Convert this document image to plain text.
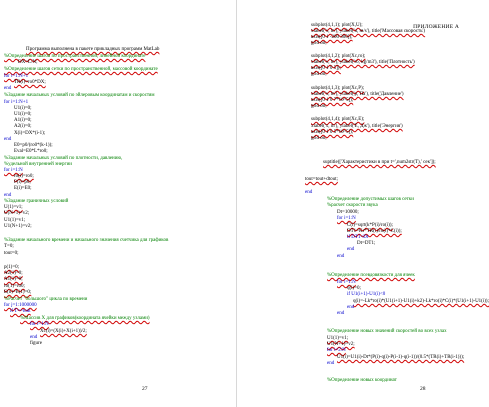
Программа выполнена в пакете прикладных программ MatLab
%Определение шагов по пространственной, линейной координате
DX=L/N;
%Определение шагов сетки по пространственной, массовой координате
for i=1:N+1
TR(i)=ro0*DX;
end
%Задание начальных условий по эйлеровым координатам и скоростям
for i=1:N+1
U1(i)=0;
U1(i)=0;
A1(i)=0;
A2(i)=0;
X(i)=DX*(i-1);
end
E0=p0/(ro0*(k-1));
Eval=E0*L*ro0;
%Задание начальных условий по плотности, давлению,
%удельной внутренней энергии
for i=1:N
ro(i)=ro0;
P(i)=p0;
E(i)=E0;
end
%Задание граничных условий
U(1)=v1;
U(N+1)=v2;
U1(1)=v1;
U1(N+1)=v2;
%Задание начального времени и начального значения счетчика для графиков
T=0;
tout=0;
p(1)=0;
A2(1)=0;
A1(1)=0;
ro(1)=ro0;
E(n)=E(1)=0;
%Расчет "большого" цикла по времени
for j=1:1000000
if T==tout
%Массив X для графиков(координата ячейки между узлами)
for i=1:N
Xc(i)=(X(i)+X(i+1))/2;
end
figure
27
ПРИЛОЖЕНИЕ А
subplot(4,1,1); plot(X,U);
xlabel('x, m'), ylabel('u, m/s'), title('Массовая скорость')
axis([0 1 -200 300]);
grid on;
subplot(4,1,2); plot(Xc,ro);
xlabel('x, m'), ylabel('ro, kg/m3'), title('Плотность')
axis([0 1 0 5]);
grid on;
subplot(4,1,3); plot(Xc,P);
xlabel('x, m'), ylabel('p, Па'), title('Давление')
axis([0 1 0 7*10^5]);
grid on;
subplot(4,1,4); plot(Xc,E);
xlabel('x, m'), ylabel('E, Дж'), title('Энергия')
axis([0 1 0 5*10^5]);
grid on;
suptitle(['Характеристики в при t=',num2str(T),' сек']);
tout=tout+dtout;
end
%Определение допустимых шагов сетки
%расчет скорости звука
Dt=10000;
for i=1:N
C(i)=sqrt(k*P(i)/ro(i));
DT1=Kr*TR(i)/ro(i)*C(i));
if DT1<Dt
Dt=DT1;
end
end
%Определение псевдовязкости для ячеек
for i=1:N
q(i)=0;
if U1(i+1)-U1(i)<0
q(i)=-Lk*ro(i)*(U1(i+1)-U1(i)+k2)-Lk*ro(i)*C(i)*(U1(i+1)-U1(i));
end
end
%Определение новых значений скоростей во всех узлах
U1(1)=v1;
U1(N+1)=v2;
for i=2:N
U1(i)=U1(i)-Dt*(P(i)-q(i)-P(i-1)-q(i-1))/(0.5*(TR(i)+TR(i-1)));
end
%Определение новых координат
28
